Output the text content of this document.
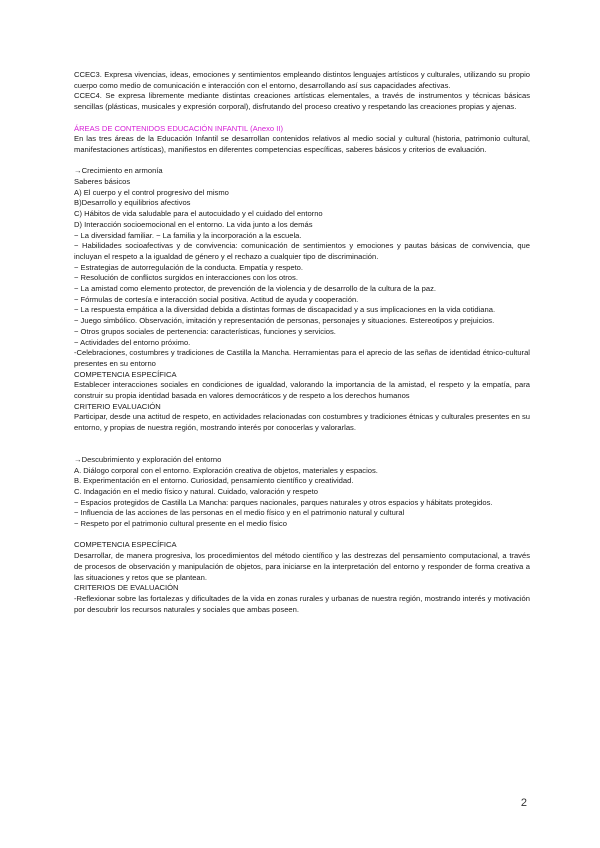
CCEC3. Expresa vivencias, ideas, emociones y sentimientos empleando distintos lenguajes artísticos y culturales, utilizando su propio cuerpo como medio de comunicación e interacción con el entorno, desarrollando así sus capacidades afectivas.

CCEC4. Se expresa libremente mediante distintas creaciones artísticas elementales, a través de instrumentos y técnicas básicas sencillas (plásticas, musicales y expresión corporal), disfrutando del proceso creativo y respetando las creaciones propias y ajenas.

ÁREAS DE CONTENIDOS EDUCACIÓN INFANTIL (Anexo II)

En las tres áreas de la Educación Infantil se desarrollan contenidos relativos al medio social y cultural (historia, patrimonio cultural, manifestaciones artísticas), manifiestos en diferentes competencias específicas, saberes básicos y criterios de evaluación.

→Crecimiento en armonía

Saberes básicos

A) El cuerpo y el control progresivo del mismo

B)Desarrollo y equilibrios afectivos

C) Hábitos de vida saludable para el autocuidado y el cuidado del entorno

D) Interacción socioemocional en el entorno. La vida junto a los demás

− La diversidad familiar. − La familia y la incorporación a la escuela.

− Habilidades socioafectivas y de convivencia: comunicación de sentimientos y emociones y pautas básicas de convivencia, que incluyan el respeto a la igualdad de género y el rechazo a cualquier tipo de discriminación.

− Estrategias de autorregulación de la conducta. Empatía y respeto.

− Resolución de conflictos surgidos en interacciones con los otros.

− La amistad como elemento protector, de prevención de la violencia y de desarrollo de la cultura de la paz.

− Fórmulas de cortesía e interacción social positiva. Actitud de ayuda y cooperación.

− La respuesta empática a la diversidad debida a distintas formas de discapacidad y a sus implicaciones en la vida cotidiana.

− Juego simbólico. Observación, imitación y representación de personas, personajes y situaciones. Estereotipos y prejuicios.

− Otros grupos sociales de pertenencia: características, funciones y servicios.

− Actividades del entorno próximo.

-Celebraciones, costumbres y tradiciones de Castilla la Mancha. Herramientas para el aprecio de las señas de identidad étnico-cultural presentes en su entorno

COMPETENCIA ESPECÍFICA

Establecer interacciones sociales en condiciones de igualdad, valorando la importancia de la amistad, el respeto y la empatía, para construir su propia identidad basada en valores democráticos y de respeto a los derechos humanos

CRITERIO EVALUACIÓN

Participar, desde una actitud de respeto, en actividades relacionadas con costumbres y tradiciones étnicas y culturales presentes en su entorno, y propias de nuestra región, mostrando interés por conocerlas y valorarlas.

→Descubrimiento y exploración del entorno

A. Diálogo corporal con el entorno. Exploración creativa de objetos, materiales y espacios.

B. Experimentación en el entorno. Curiosidad, pensamiento científico y creatividad.

C. Indagación en el medio físico y natural. Cuidado, valoración y respeto

− Espacios protegidos de Castilla La Mancha: parques nacionales, parques naturales y otros espacios y hábitats protegidos.

− Influencia de las acciones de las personas en el medio físico y en el patrimonio natural y cultural

− Respeto por el patrimonio cultural presente en el medio físico

COMPETENCIA ESPECÍFICA

Desarrollar, de manera progresiva, los procedimientos del método científico y las destrezas del pensamiento computacional, a través de procesos de observación y manipulación de objetos, para iniciarse en la interpretación del entorno y responder de forma creativa a las situaciones y retos que se plantean.

CRITERIOS DE EVALUACIÓN

-Reflexionar sobre las fortalezas y dificultades de la vida en zonas rurales y urbanas de nuestra región, mostrando interés y motivación por descubrir los recursos naturales y sociales que ambas poseen.

2
